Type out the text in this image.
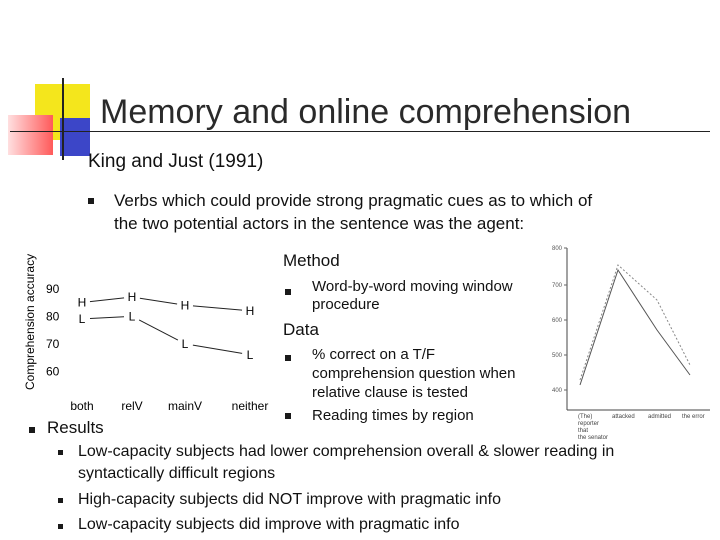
Memory and online comprehension
King and Just (1991)
Verbs which could provide strong pragmatic cues as to which of
the two potential actors in the sentence was the agent:
Comprehension accuracy 90
80
70
60
both relV mainV neither
H	H
H	H
L	L
L
L
Method
Word-by-word moving window
procedure
Data
% correct on a T/F
comprehension question when
relative clause is tested
Reading times by region
800
700
600
500
400
(The)
reporter
that
the senator
attacked admitted the error
Results
Low-capacity subjects had lower comprehension overall & slower reading in
syntactically difficult regions
High-capacity subjects did NOT improve with pragmatic info
Low-capacity subjects did improve with pragmatic info
